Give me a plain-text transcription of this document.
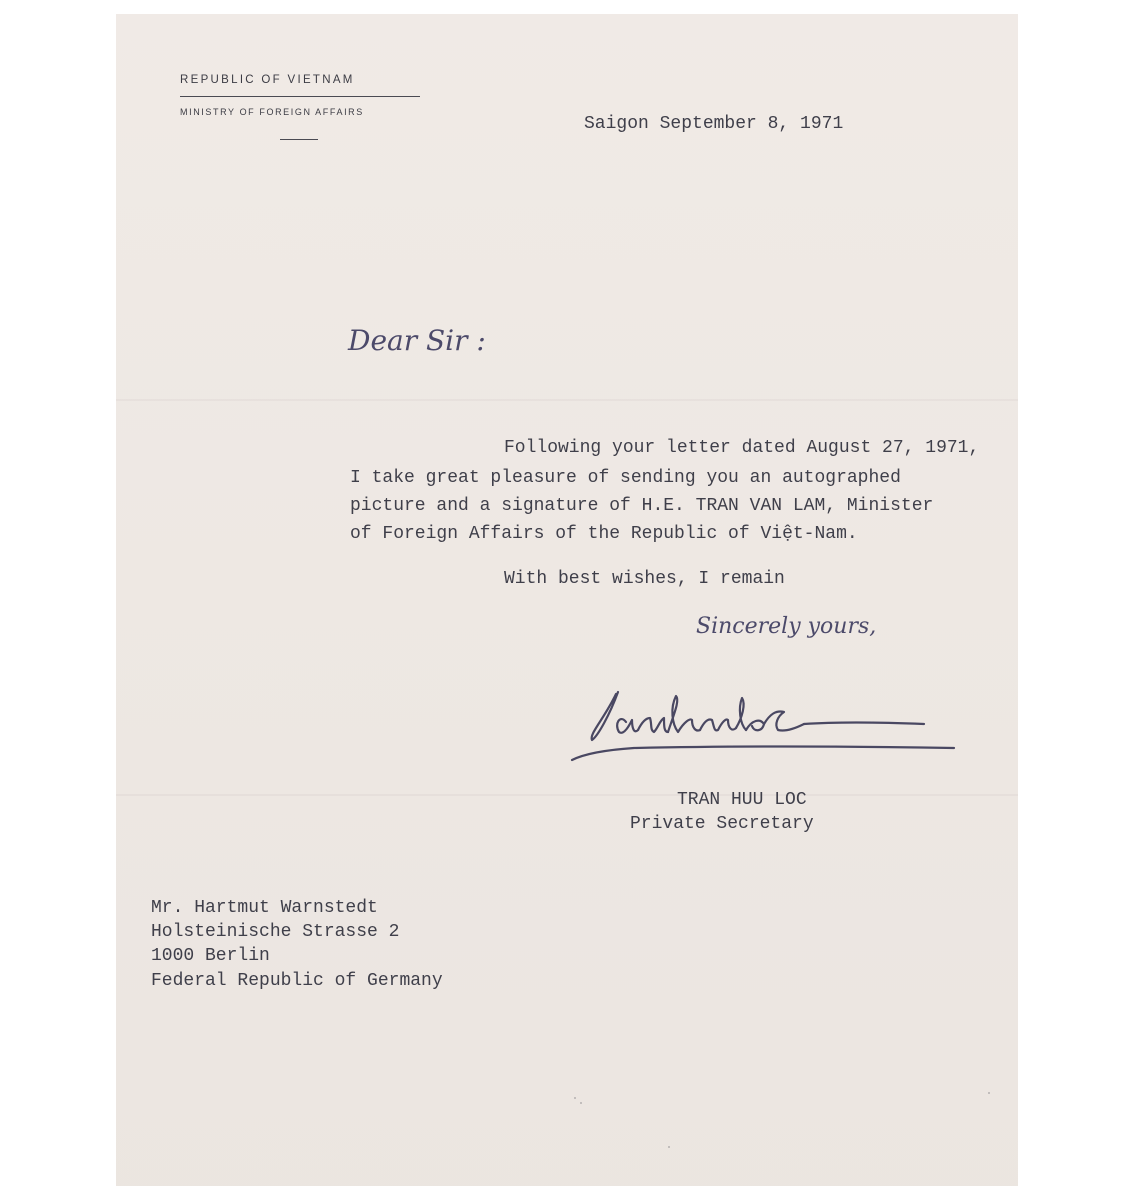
REPUBLIC OF VIETNAM
MINISTRY OF FOREIGN AFFAIRS
Saigon September 8, 1971
Dear Sir :
Following your letter dated August 27, 1971,
I take great pleasure of sending you an autographed
picture and a signature of H.E. TRAN VAN LAM, Minister
of Foreign Affairs of the Republic of Việt-Nam.
With best wishes, I remain
Sincerely yours,
TRAN HUU LOC
Private Secretary
Mr. Hartmut Warnstedt
Holsteinische Strasse 2
1000 Berlin
Federal Republic of Germany
